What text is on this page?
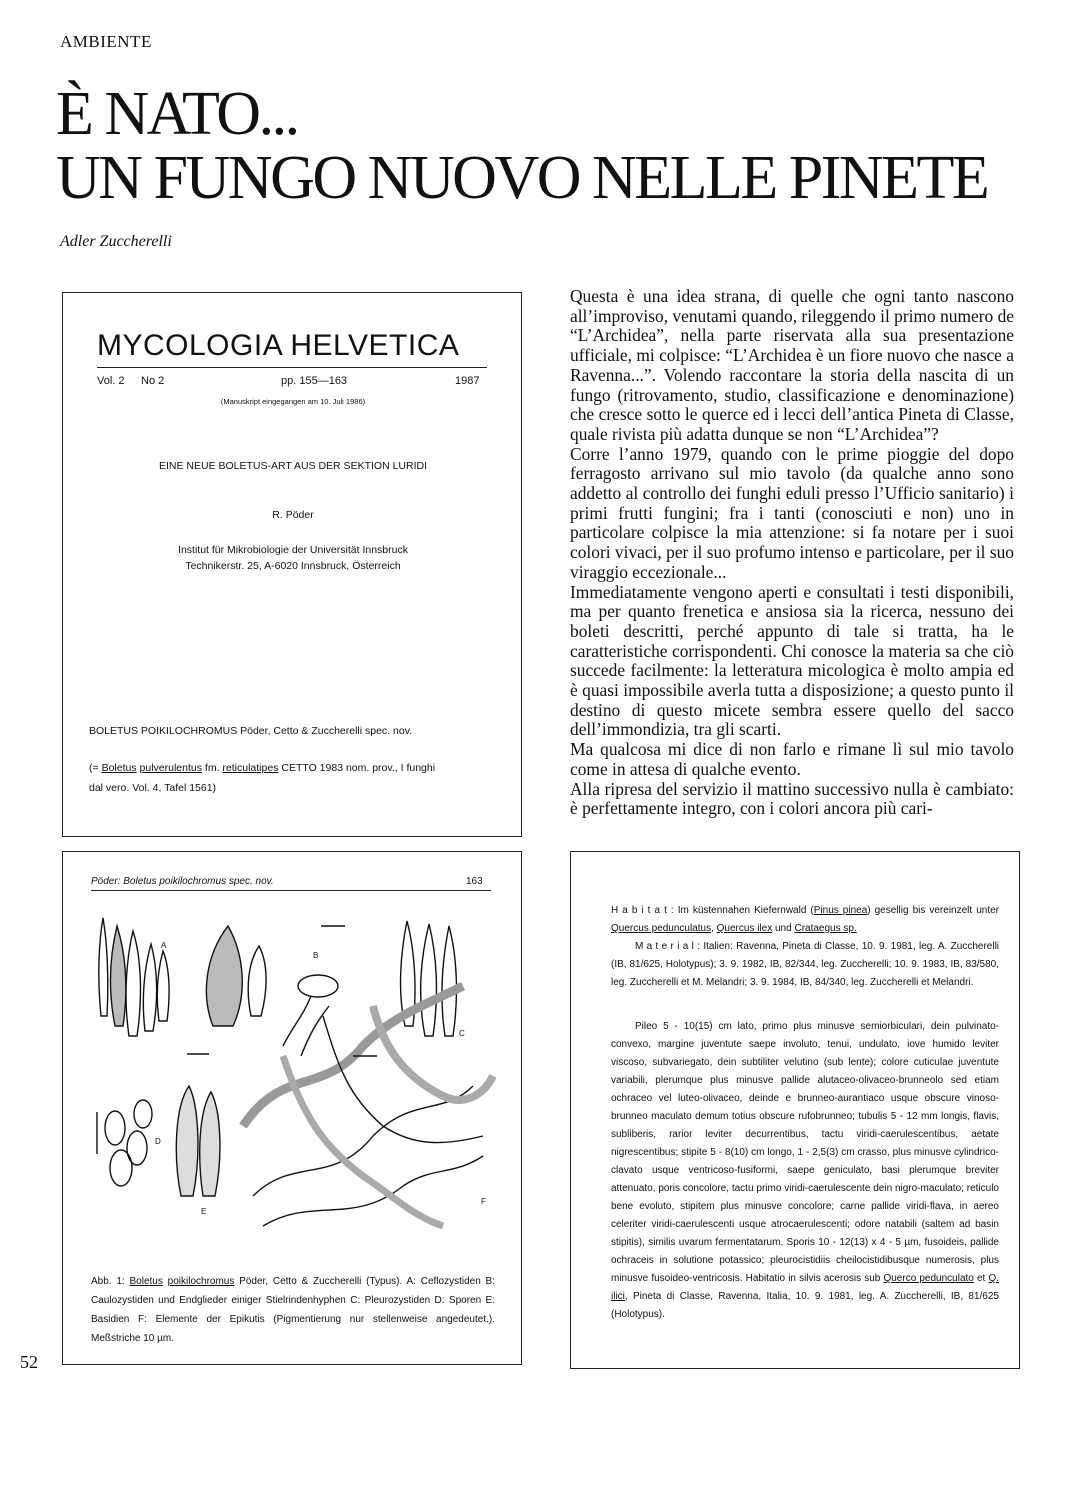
AMBIENTE
È NATO...
UN FUNGO NUOVO NELLE PINETE
Adler Zuccherelli
MYCOLOGIA HELVETICA
Vol. 2 No 2	pp. 155—163	1987
(Manuskript eingegangen am 10. Juli 1986)
EINE NEUE BOLETUS-ART AUS DER SEKTION LURIDI
R. Pöder
Institut für Mikrobiologie der Universität Innsbruck
Technikerstr. 25, A-6020 Innsbruck, Österreich
BOLETUS POIKILOCHROMUS Pöder, Cetto & Zuccherelli spec. nov.
(= Boletus pulverulentus fm. reticulatipes CETTO 1983 nom. prov., I funghi
dal vero. Vol. 4, Tafel 1561)
Pöder: Boletus poikilochromus spec. nov.	163
A
B
C
D
E
F
Abb. 1: Boletus poikilochromus Pöder, Cetto & Zuccherelli (Typus). A: Ceflozystiden B: Caulozystiden und Endglieder einiger Stielrindenhyphen C: Pleurozystiden D: Sporen E: Basidien F: Elemente der Epikutis (Pigmentierung nur stellenweise angedeutet.). Meßstriche 10 µm.
52
H a b i t a t : Im küstennahen Kiefernwald (Pinus pinea) gesellig bis vereinzelt unter Quercus pedunculatus, Quercus ilex und Crataegus sp.
M a t e r i a l : Italien: Ravenna, Pineta di Classe, 10. 9. 1981, leg. A. Zuccherelli (IB, 81/625, Holotypus); 3. 9. 1982, IB, 82/344, leg. Zuccherelli; 10. 9. 1983, IB, 83/580, leg. Zuccherelli et M. Melandri; 3. 9. 1984, IB, 84/340, leg. Zuccherelli et Melandri.
Pileo 5 - 10(15) cm lato, primo plus minusve semiorbiculari, dein pulvinato-convexo, margine juventute saepe involuto, tenui, undulato, iove humido leviter viscoso, subvariegato, dein subtiliter velutino (sub lente); colore cuticulae juventute variabili, plerumque plus minusve pallide alutaceo-olivaceo-brunneolo sed etiam ochraceo vel luteo-olivaceo, deinde e brunneo-aurantiaco usque obscure vinoso-brunneo maculato demum totius obscure rufobrunneo; tubulis 5 - 12 mm longis, flavis, subliberis, rarior leviter decurrentibus, tactu viridi-caerulescentibus, aetate nigrescentibus; stipite 5 - 8(10) cm longo, 1 - 2,5(3) cm crasso, plus minusve cylindrico-clavato usque ventricoso-fusiformi, saepe geniculato, basi plerumque breviter attenuato, poris concolore, tactu primo viridi-caerulescente dein nigro-maculato; reticulo bene evoluto, stipitem plus minusve concolore; carne pallide viridi-flava, in aereo celeriter viridi-caerulescenti usque atrocaerulescenti; odore natabili (saltem ad basin stipitis), similis uvarum fermentatarum. Sporis 10 - 12(13) x 4 - 5 µm, fusoideis, pallide ochraceis in solutione potassico; pleurocistidiis cheilocistidibusque numerosis, plus minusve fusoideo-ventricosis. Habitatio in silvis acerosis sub Querco pedunculato et Q. ilici, Pineta di Classe, Ravenna, Italia, 10. 9. 1981, leg. A. Zuccherelli, IB, 81/625 (Holotypus).

Questa è una idea strana, di quelle che ogni tanto nascono all’improviso, venutami quando, rileggendo il primo numero de “L’Archidea”, nella parte riservata alla sua presentazione ufficiale, mi colpisce: “L’Archidea è un fiore nuovo che nasce a Ravenna...”. Volendo raccontare la storia della nascita di un fungo (ritrovamento, studio, classificazione e denominazione) che cresce sotto le querce ed i lecci dell’antica Pineta di Classe, quale rivista più adatta dunque se non “L’Archidea”?

Corre l’anno 1979, quando con le prime pioggie del dopo ferragosto arrivano sul mio tavolo (da qualche anno sono addetto al controllo dei funghi eduli presso l’Ufficio sanitario) i primi frutti fungini; fra i tanti (conosciuti e non) uno in particolare colpisce la mia attenzione: si fa notare per i suoi colori vivaci, per il suo profumo intenso e particolare, per il suo viraggio eccezionale...

Immediatamente vengono aperti e consultati i testi disponibili, ma per quanto frenetica e ansiosa sia la ricerca, nessuno dei boleti descritti, perché appunto di tale si tratta, ha le caratteristiche corrispondenti. Chi conosce la materia sa che ciò succede facilmente: la letteratura micologica è molto ampia ed è quasi impossibile averla tutta a disposizione; a questo punto il destino di questo micete sembra essere quello del sacco dell’immondizia, tra gli scarti.

Ma qualcosa mi dice di non farlo e rimane lì sul mio tavolo come in attesa di qualche evento.

Alla ripresa del servizio il mattino successivo nulla è cambiato: è perfettamente integro, con i colori ancora più cari-
